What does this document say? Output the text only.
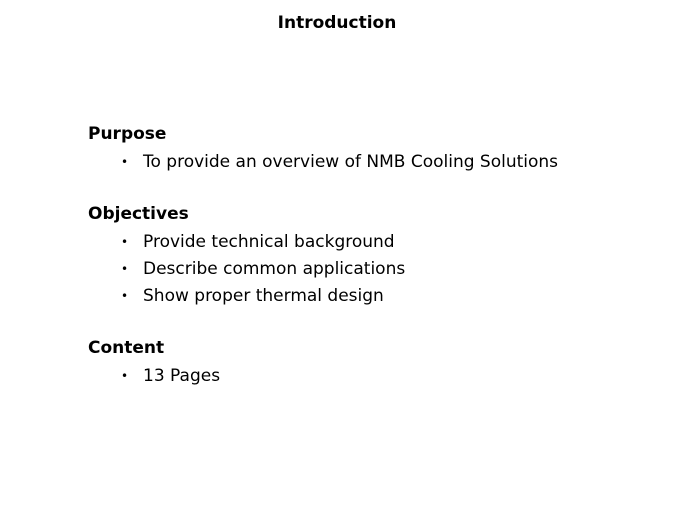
Introduction
Purpose
• To provide an overview of NMB Cooling Solutions
Objectives
• Provide technical background
• Describe common applications
• Show proper thermal design
Content
• 13 Pages
